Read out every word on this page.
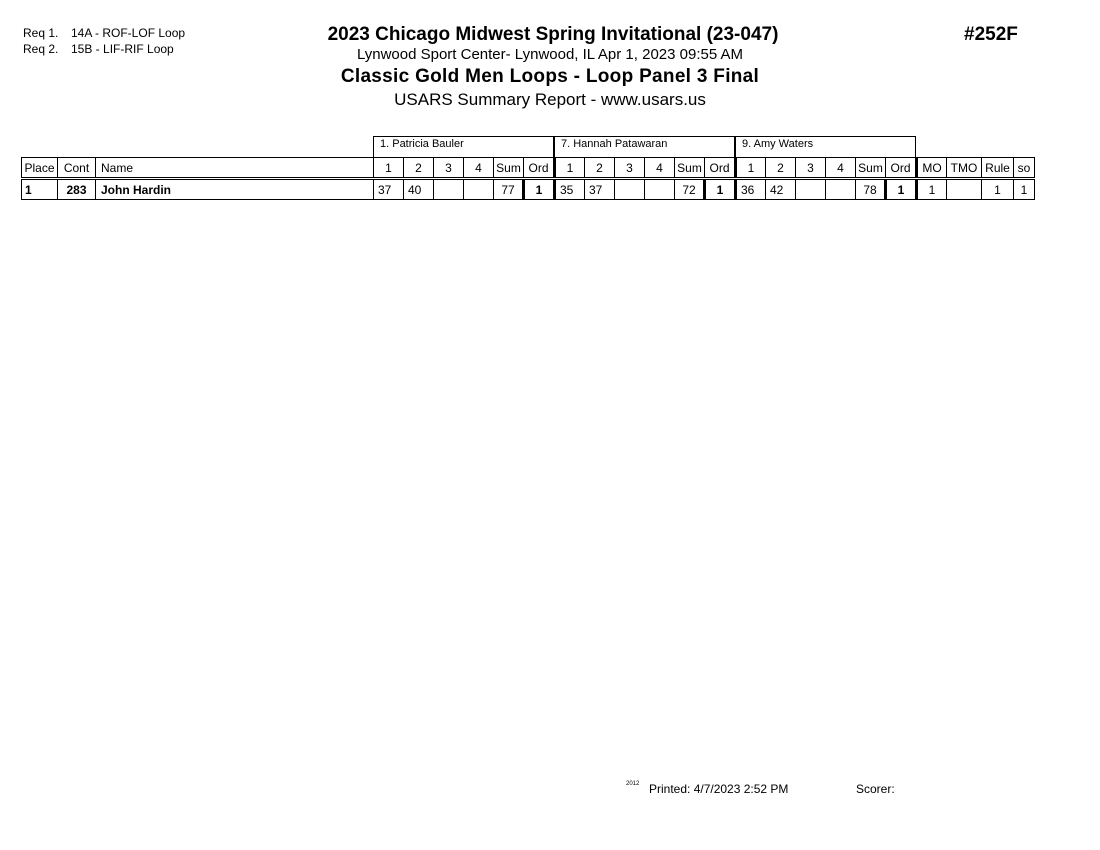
Req 1. 14A - ROF-LOF Loop
Req 2. 15B - LIF-RIF Loop
2023 Chicago Midwest Spring Invitational (23-047)
Lynwood Sport Center- Lynwood, IL Apr 1, 2023 09:55 AM
Classic Gold Men Loops - Loop Panel 3 Final
USARS Summary Report - www.usars.us
#252F
1. Patricia Bauler	7. Hannah Patawaran	9. Amy Waters
Place	Cont	Name	1	2	3	4	Sum	Ord	1	2	3	4	Sum	Ord	1	2	3	4	Sum	Ord	MO	TMO	Rule	so
1	283	John Hardin	37	40			77	1	35	37			72	1	36	42			78	1	1		1	1
2012 Printed: 4/7/2023 2:52 PM	Scorer:
